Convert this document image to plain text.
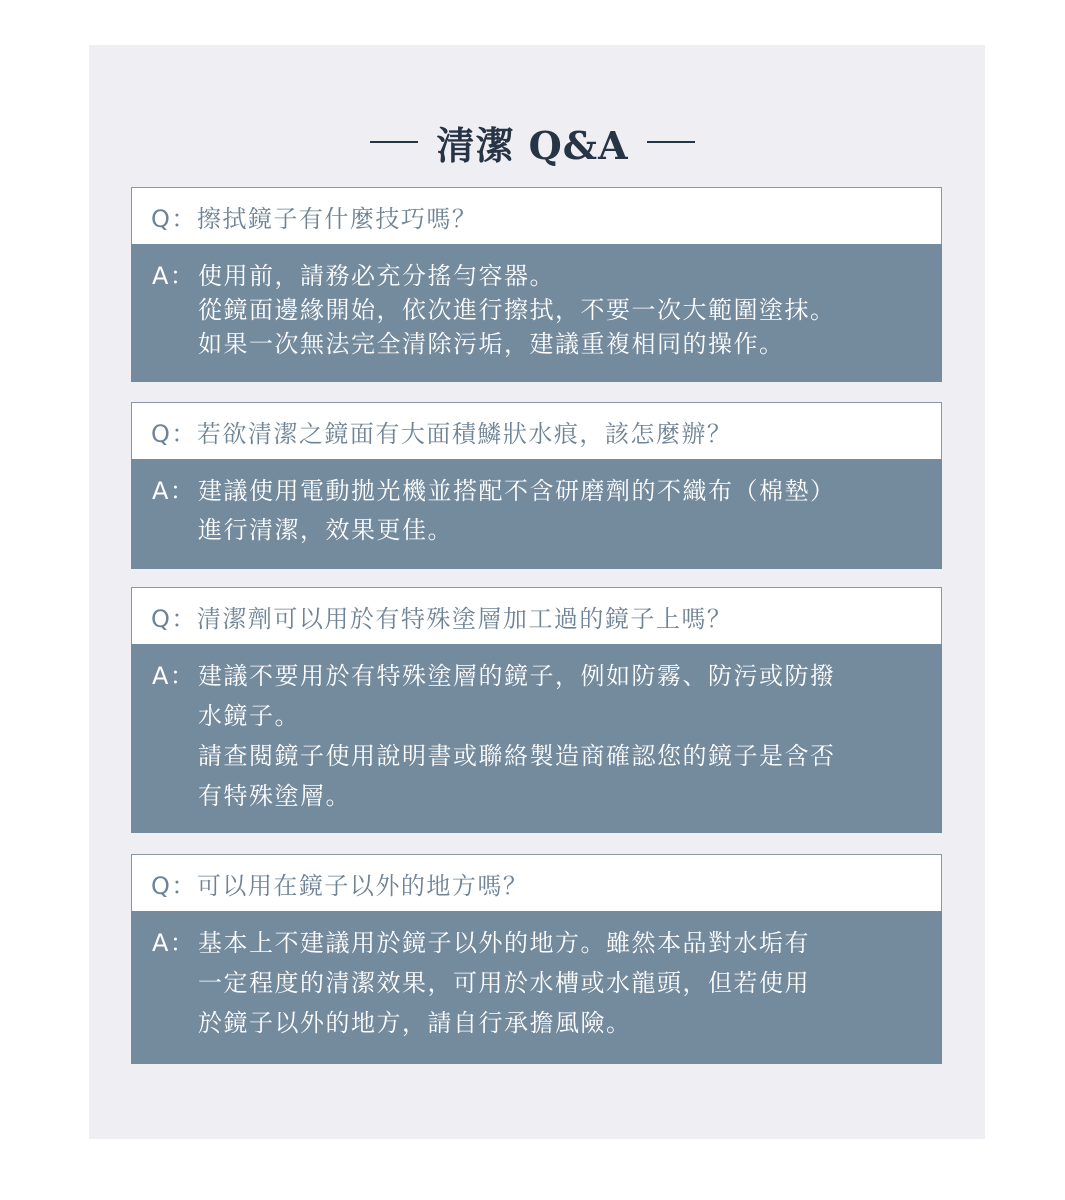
清潔 Q&A
Q： 擦拭鏡子有什麼技巧嗎？
A： 使用前，請務必充分搖勻容器。
從鏡面邊緣開始，依次進行擦拭，不要一次大範圍塗抹。
如果一次無法完全清除污垢，建議重複相同的操作。
Q： 若欲清潔之鏡面有大面積鱗狀水痕，該怎麼辦？
A： 建議使用電動拋光機並搭配不含研磨劑的不織布（棉墊）
進行清潔，效果更佳。
Q： 清潔劑可以用於有特殊塗層加工過的鏡子上嗎？
A： 建議不要用於有特殊塗層的鏡子，例如防霧、防污或防撥
水鏡子。
請查閱鏡子使用說明書或聯絡製造商確認您的鏡子是含否
有特殊塗層。
Q： 可以用在鏡子以外的地方嗎？
A： 基本上不建議用於鏡子以外的地方。雖然本品對水垢有
一定程度的清潔效果，可用於水槽或水龍頭，但若使用
於鏡子以外的地方，請自行承擔風險。
